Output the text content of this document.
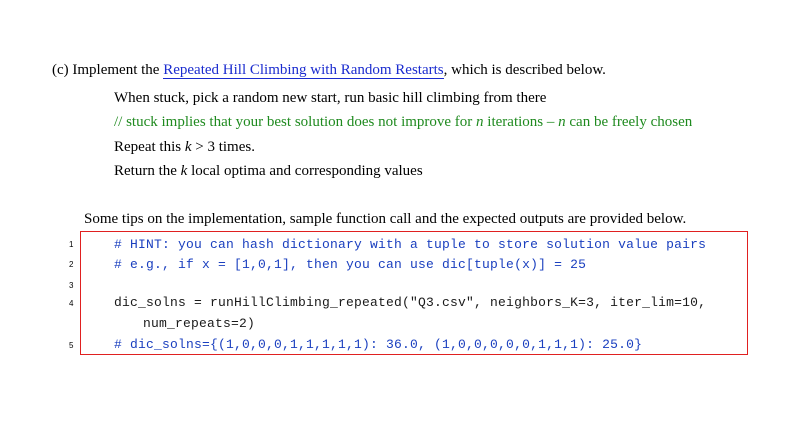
(c) Implement the Repeated Hill Climbing with Random Restarts, which is described below.
When stuck, pick a random new start, run basic hill climbing from there
// stuck implies that your best solution does not improve for n iterations – n can be freely chosen
Repeat this k > 3 times.
Return the k local optima and corresponding values
Some tips on the implementation, sample function call and the expected outputs are provided below.
1
2
3
4
5
# HINT: you can hash dictionary with a tuple to store solution value pairs
# e.g., if x = [1,0,1], then you can use dic[tuple(x)] = 25
dic_solns = runHillClimbing_repeated("Q3.csv", neighbors_K=3, iter_lim=10,
num_repeats=2)
# dic_solns={(1,0,0,0,1,1,1,1,1): 36.0, (1,0,0,0,0,0,1,1,1): 25.0}
